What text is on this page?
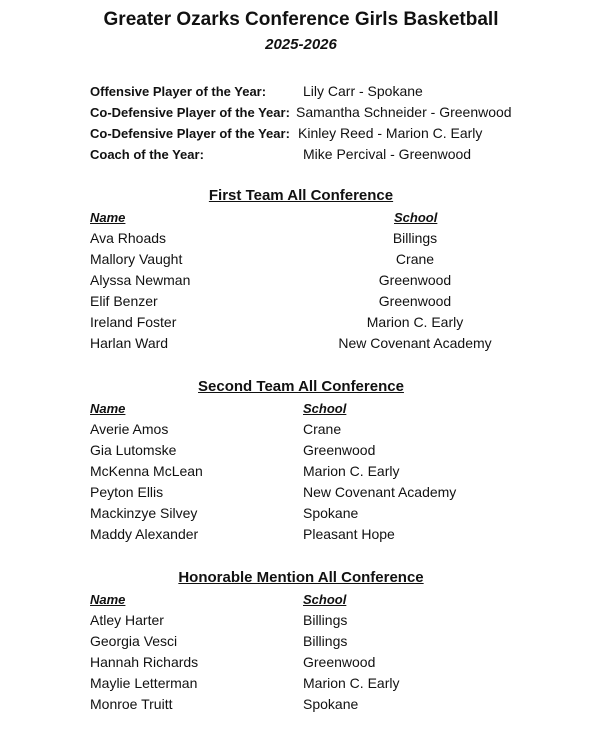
Greater Ozarks Conference Girls Basketball
2025-2026
Offensive Player of the Year:	Lily Carr - Spokane
Co-Defensive Player of the Year: Samantha Schneider - Greenwood
Co-Defensive Player of the Year: Kinley Reed - Marion C. Early
Coach of the Year:	Mike Percival - Greenwood
First Team All Conference
Name	School
Ava Rhoads	Billings
Mallory Vaught	Crane
Alyssa Newman	Greenwood
Elif Benzer	Greenwood
Ireland Foster	Marion C. Early
Harlan Ward	New Covenant Academy
Second Team All Conference
Name	School
Averie Amos	Crane
Gia Lutomske	Greenwood
McKenna McLean	Marion C. Early
Peyton Ellis	New Covenant Academy
Mackinzye Silvey	Spokane
Maddy Alexander	Pleasant Hope
Honorable Mention All Conference
Name	School
Atley Harter	Billings
Georgia Vesci	Billings
Hannah Richards	Greenwood
Maylie Letterman	Marion C. Early
Monroe Truitt	Spokane
